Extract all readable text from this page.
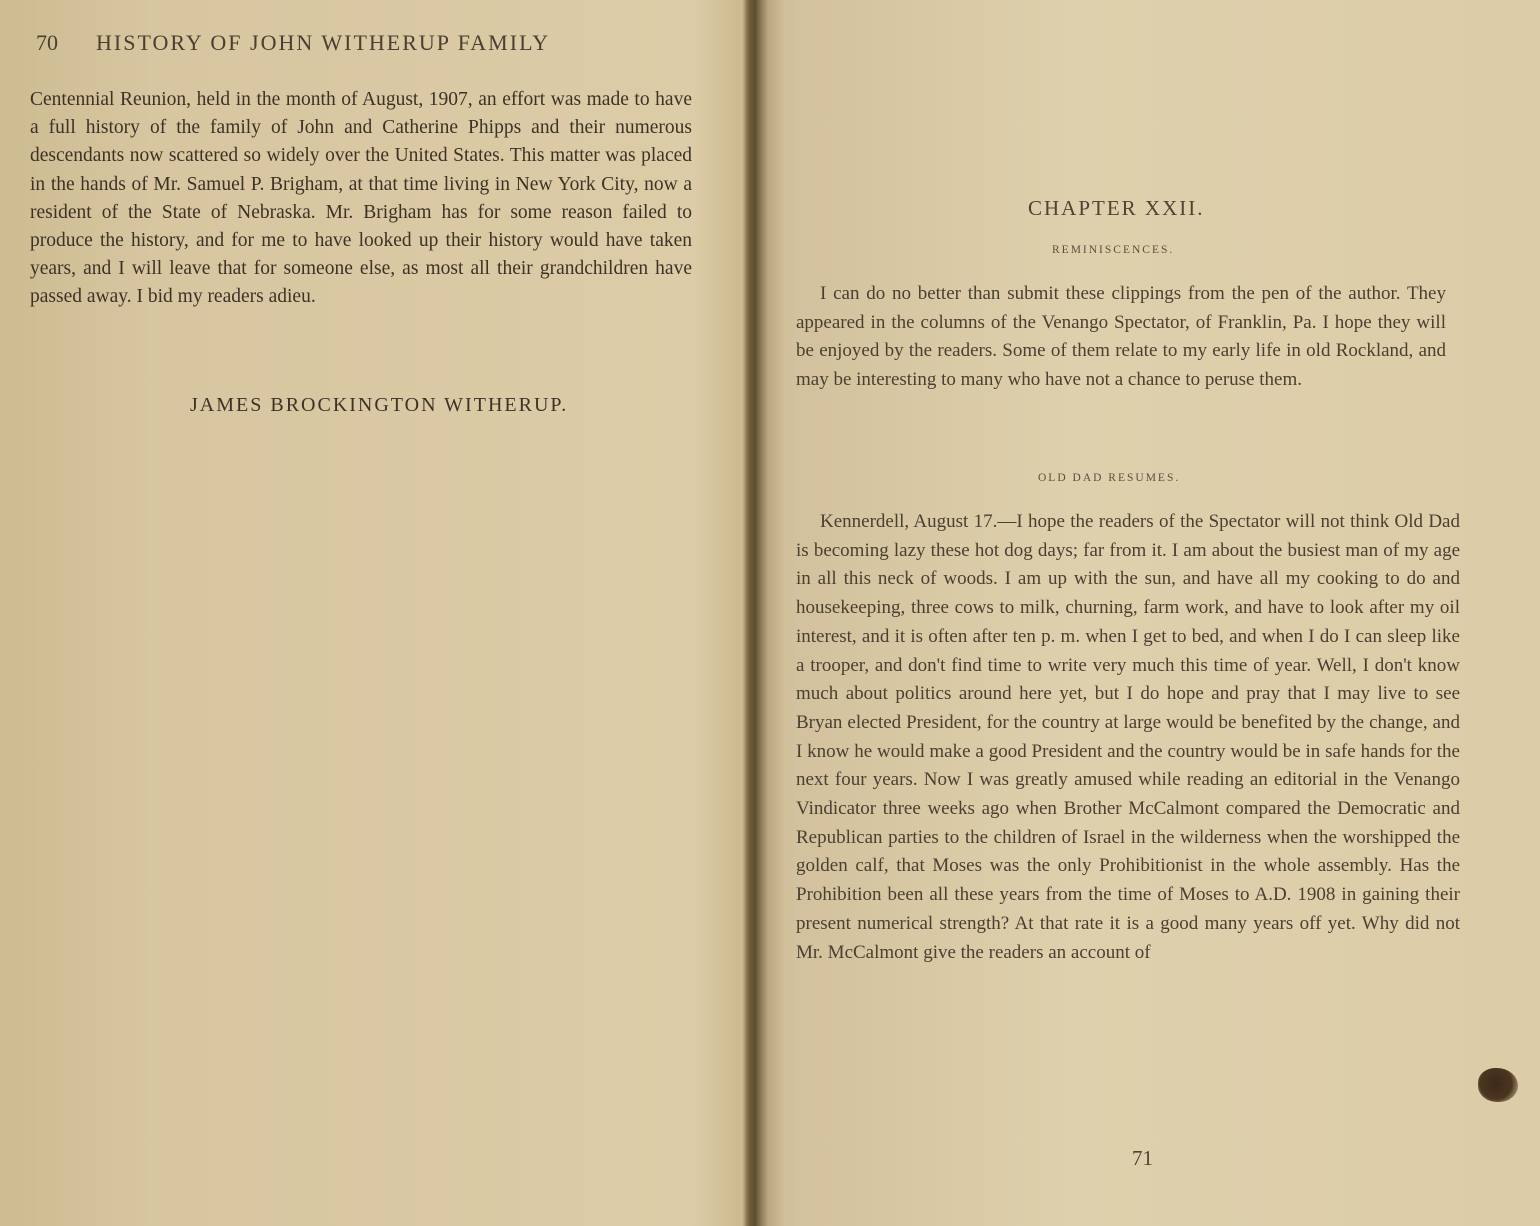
70 HISTORY OF JOHN WITHERUP FAMILY

Centennial Reunion, held in the month of August, 1907, an effort was made to have a full history of the family of John and Catherine Phipps and their numerous descendants now scattered so widely over the United States. This matter was placed in the hands of Mr. Samuel P. Brigham, at that time living in New York City, now a resident of the State of Nebraska. Mr. Brigham has for some reason failed to produce the history, and for me to have looked up their history would have taken years, and I will leave that for someone else, as most all their grandchildren have passed away. I bid my readers adieu.

JAMES BROCKINGTON WITHERUP.
CHAPTER XXII.
REMINISCENCES.

I can do no better than submit these clippings from the pen of the author. They appeared in the columns of the Venango Spectator, of Franklin, Pa. I hope they will be enjoyed by the readers. Some of them relate to my early life in old Rockland, and may be interesting to many who have not a chance to peruse them.

OLD DAD RESUMES.

Kennerdell, August 17.—I hope the readers of the Spectator will not think Old Dad is becoming lazy these hot dog days; far from it. I am about the busiest man of my age in all this neck of woods. I am up with the sun, and have all my cooking to do and housekeeping, three cows to milk, churning, farm work, and have to look after my oil interest, and it is often after ten p. m. when I get to bed, and when I do I can sleep like a trooper, and don't find time to write very much this time of year. Well, I don't know much about politics around here yet, but I do hope and pray that I may live to see Bryan elected President, for the country at large would be benefited by the change, and I know he would make a good President and the country would be in safe hands for the next four years. Now I was greatly amused while reading an editorial in the Venango Vindicator three weeks ago when Brother McCalmont compared the Democratic and Republican parties to the children of Israel in the wilderness when the worshipped the golden calf, that Moses was the only Prohibitionist in the whole assembly. Has the Prohibition been all these years from the time of Moses to A.D. 1908 in gaining their present numerical strength? At that rate it is a good many years off yet. Why did not Mr. McCalmont give the readers an account of

71
